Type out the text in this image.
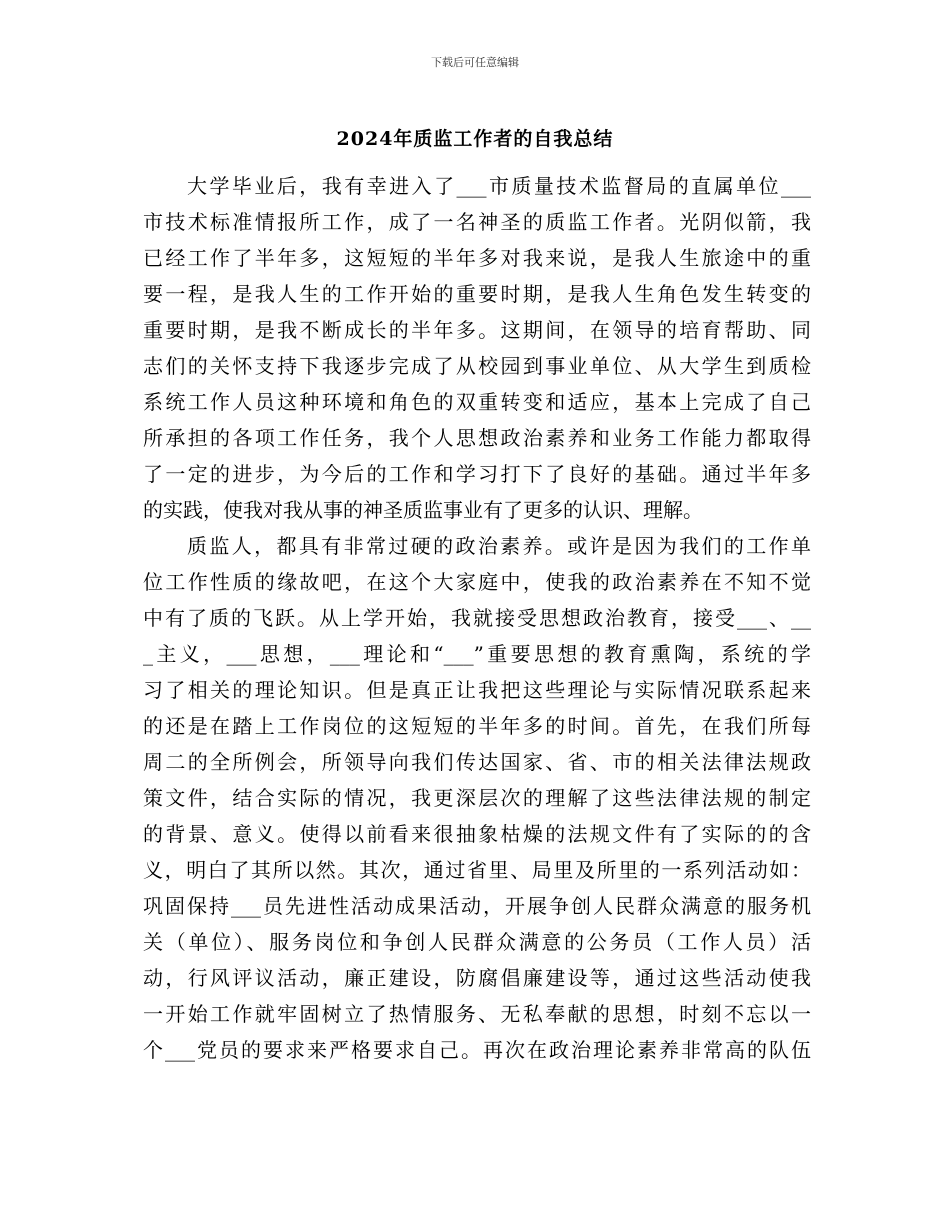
下载后可任意编辑
2024年质监工作者的自我总结
大学毕业后，我有幸进入了___市质量技术监督局的直属单位___
市技术标准情报所工作，成了一名神圣的质监工作者。光阴似箭，我
已经工作了半年多，这短短的半年多对我来说，是我人生旅途中的重
要一程，是我人生的工作开始的重要时期，是我人生角色发生转变的
重要时期，是我不断成长的半年多。这期间，在领导的培育帮助、同
志们的关怀支持下我逐步完成了从校园到事业单位、从大学生到质检
系统工作人员这种环境和角色的双重转变和适应，基本上完成了自己
所承担的各项工作任务，我个人思想政治素养和业务工作能力都取得
了一定的进步，为今后的工作和学习打下了良好的基础。通过半年多
的实践，使我对我从事的神圣质监事业有了更多的认识、理解。
质监人，都具有非常过硬的政治素养。或许是因为我们的工作单
位工作性质的缘故吧，在这个大家庭中，使我的政治素养在不知不觉
中有了质的飞跃。从上学开始，我就接受思想政治教育，接受___、__
_主义，___思想，___理论和“___”重要思想的教育熏陶，系统的学
习了相关的理论知识。但是真正让我把这些理论与实际情况联系起来
的还是在踏上工作岗位的这短短的半年多的时间。首先，在我们所每
周二的全所例会，所领导向我们传达国家、省、市的相关法律法规政
策文件，结合实际的情况，我更深层次的理解了这些法律法规的制定
的背景、意义。使得以前看来很抽象枯燥的法规文件有了实际的的含
义，明白了其所以然。其次，通过省里、局里及所里的一系列活动如：
巩固保持___员先进性活动成果活动，开展争创人民群众满意的服务机
关（单位）、服务岗位和争创人民群众满意的公务员（工作人员）活
动，行风评议活动，廉正建设，防腐倡廉建设等，通过这些活动使我
一开始工作就牢固树立了热情服务、无私奉献的思想，时刻不忘以一
个___党员的要求来严格要求自己。再次在政治理论素养非常高的队伍
